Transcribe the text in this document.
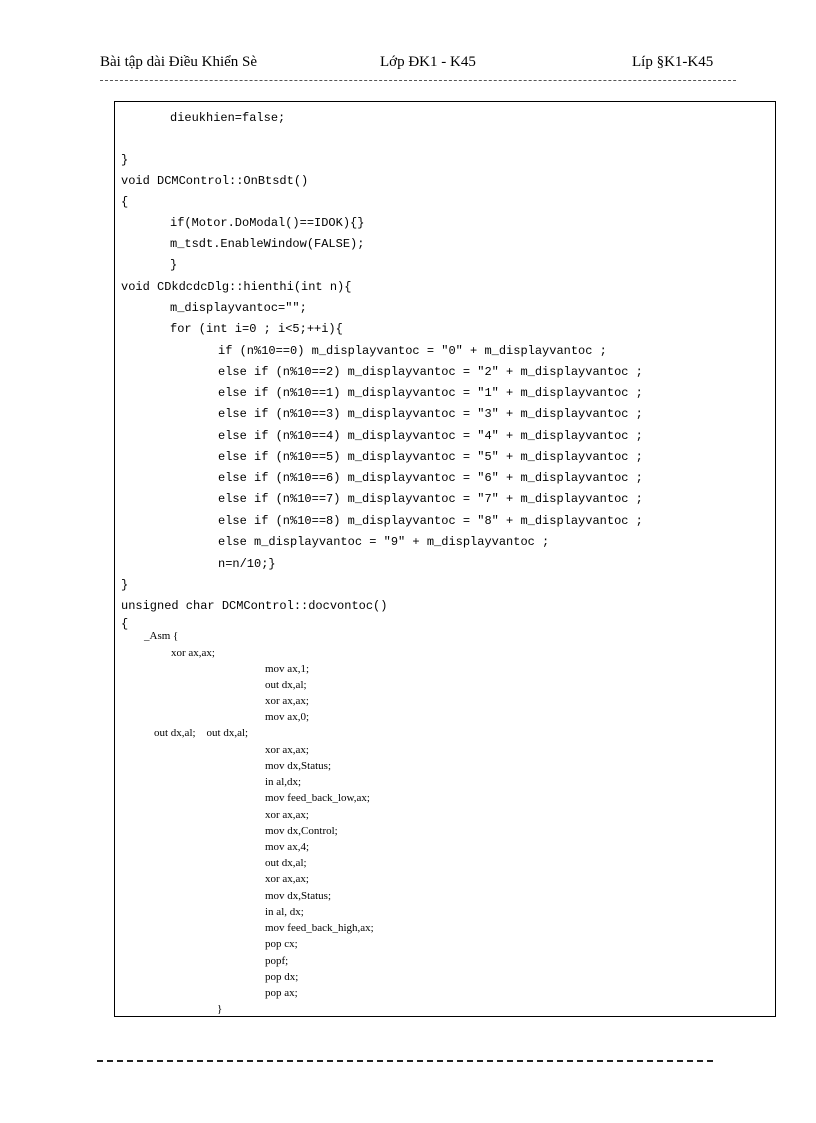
Bài tập dài Điều Khiển Sè	Lớp ĐK1 - K45	Líp §K1-K45
dieukhien=false;
}
void DCMControl::OnBtsdt()
{
if(Motor.DoModal()==IDOK){}
m_tsdt.EnableWindow(FALSE);
}
void CDkdcdcDlg::hienthi(int n){
m_displayvantoc="";
for (int i=0 ; i<5;++i){
if (n%10==0) m_displayvantoc = "0" + m_displayvantoc ;
else if (n%10==2) m_displayvantoc = "2" + m_displayvantoc ;
else if (n%10==1) m_displayvantoc = "1" + m_displayvantoc ;
else if (n%10==3) m_displayvantoc = "3" + m_displayvantoc ;
else if (n%10==4) m_displayvantoc = "4" + m_displayvantoc ;
else if (n%10==5) m_displayvantoc = "5" + m_displayvantoc ;
else if (n%10==6) m_displayvantoc = "6" + m_displayvantoc ;
else if (n%10==7) m_displayvantoc = "7" + m_displayvantoc ;
else if (n%10==8) m_displayvantoc = "8" + m_displayvantoc ;
else m_displayvantoc = "9" + m_displayvantoc ;
n=n/10;}
}
unsigned char DCMControl::docvontoc()
{
_Asm {
xor ax,ax;
mov ax,1;
out dx,al;
xor ax,ax;
mov ax,0;
out dx,al;    out dx,al;
xor ax,ax;
mov dx,Status;
in al,dx;
mov feed_back_low,ax;
xor ax,ax;
mov dx,Control;
mov ax,4;
out dx,al;
xor ax,ax;
mov dx,Status;
in al, dx;
mov feed_back_high,ax;
pop cx;
popf;
pop dx;
pop ax;
}
